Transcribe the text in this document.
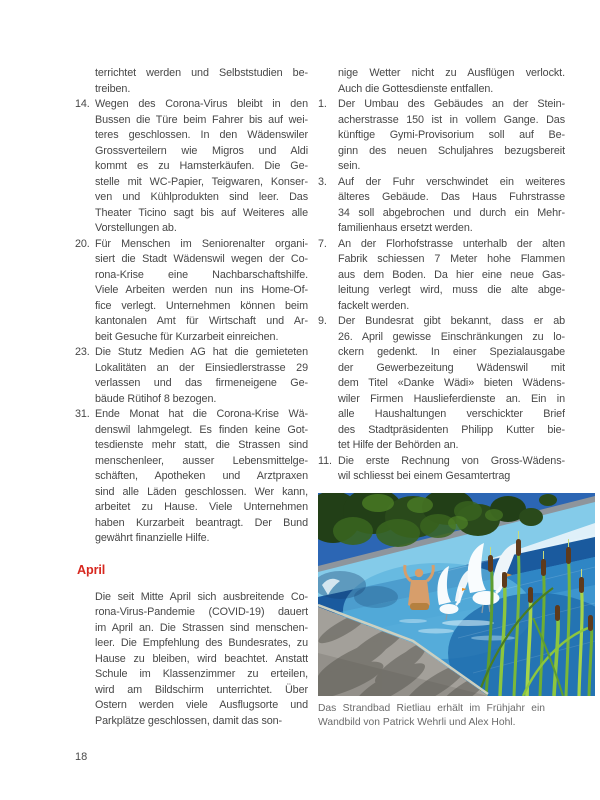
terrichtet werden und Selbststudien be-
treiben.
14. Wegen des Corona-Virus bleibt in den
Bussen die Türe beim Fahrer bis auf wei-
teres geschlossen. In den Wädenswiler
Grossverteilern wie Migros und Aldi
kommt es zu Hamsterkäufen. Die Ge-
stelle mit WC-Papier, Teigwaren, Konser-
ven und Kühlprodukten sind leer. Das
Theater Ticino sagt bis auf Weiteres alle
Vorstellungen ab.
20. Für Menschen im Seniorenalter organi-
siert die Stadt Wädenswil wegen der Co-
rona-Krise eine Nachbarschaftshilfe.
Viele Arbeiten werden nun ins Home-Of-
fice verlegt. Unternehmen können beim
kantonalen Amt für Wirtschaft und Ar-
beit Gesuche für Kurzarbeit einreichen.
23. Die Stutz Medien AG hat die gemieteten
Lokalitäten an der Einsiedlerstrasse 29
verlassen und das firmeneigene Ge-
bäude Rütihof 8 bezogen.
31. Ende Monat hat die Corona-Krise Wä-
denswil lahmgelegt. Es finden keine Got-
tesdienste mehr statt, die Strassen sind
menschenleer, ausser Lebensmittelge-
schäften, Apotheken und Arztpraxen
sind alle Läden geschlossen. Wer kann,
arbeitet zu Hause. Viele Unternehmen
haben Kurzarbeit beantragt. Der Bund
gewährt finanzielle Hilfe.
April
Die seit Mitte April sich ausbreitende Co-
rona-Virus-Pandemie (COVID-19) dauert
im April an. Die Strassen sind menschen-
leer. Die Empfehlung des Bundesrates, zu
Hause zu bleiben, wird beachtet. Anstatt
Schule im Klassenzimmer zu erteilen,
wird am Bildschirm unterrichtet. Über
Ostern werden viele Ausflugsorte und
Parkplätze geschlossen, damit das son-
nige Wetter nicht zu Ausflügen verlockt.
Auch die Gottesdienste entfallen.
1.	Der Umbau des Gebäudes an der Stein-
acherstrasse 150 ist in vollem Gange. Das
künftige Gymi-Provisorium soll auf Be-
ginn des neuen Schuljahres bezugsbereit
sein.
3.	Auf der Fuhr verschwindet ein weiteres
älteres Gebäude. Das Haus Fuhrstrasse
34 soll abgebrochen und durch ein Mehr-
familienhaus ersetzt werden.
7.	An der Florhofstrasse unterhalb der alten
Fabrik schiessen 7 Meter hohe Flammen
aus dem Boden. Da hier eine neue Gas-
leitung verlegt wird, muss die alte abge-
fackelt werden.
9.	Der Bundesrat gibt bekannt, dass er ab
26. April gewisse Einschränkungen zu lo-
ckern gedenkt. In einer Spezialausgabe
der Gewerbezeitung Wädenswil mit
dem Titel «Danke Wädi» bieten Wädens-
wiler Firmen Hauslieferdienste an. Ein in
alle Haushaltungen verschickter Brief
des Stadtpräsidenten Philipp Kutter bie-
tet Hilfe der Behörden an.
11. Die erste Rechnung von Gross-Wädens-
wil schliesst bei einem Gesamtertrag
Das Strandbad Rietliau erhält im Frühjahr ein
Wandbild von Patrick Wehrli und Alex Hohl.
18
